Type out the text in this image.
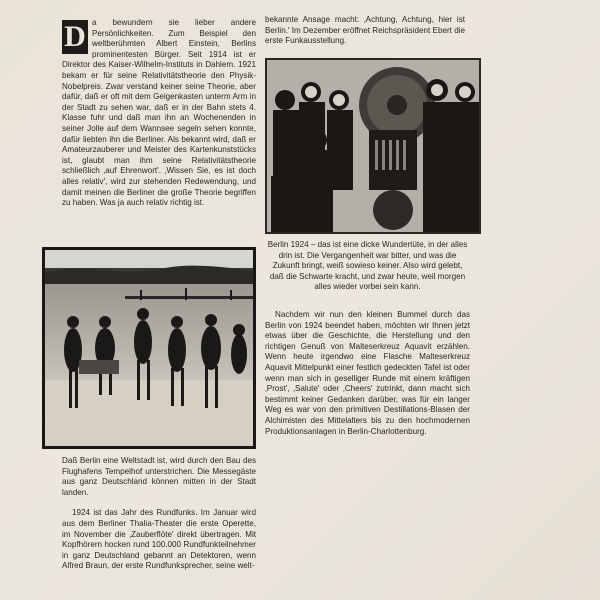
D a bewundern sie lieber andere Persönlichkeiten. Zum Beispiel den weltberühmten Albert Einstein, Berlins prominentesten Bürger. Seit 1914 ist er Direktor des Kaiser-Wilhelm-Instituts in Dahlem. 1921 bekam er für seine Relativitätstheorie den Physik-Nobelpreis. Zwar verstand keiner seine Theorie, aber dafür, daß er oft mit dem Geigenkasten unterm Arm in der Stadt zu sehen war, daß er in der Bahn stets 4. Klasse fuhr und daß man ihn an Wochenenden in seiner Jolle auf dem Wannsee segeln sehen konnte, dafür liebten ihn die Berliner. Als bekannt wird, daß er Amateurzauberer und Meister des Kartenkunststücks ist, glaubt man ihm seine Relativitätstheorie schließlich ‚auf Ehrenwort'. ‚Wissen Sie, es ist doch alles relativ', wird zur stehenden Redewendung, und damit meinen die Berliner die große Theorie begriffen zu haben. Was ja auch relativ richtig ist.

Daß Berlin eine Weltstadt ist, wird durch den Bau des Flughafens Tempelhof unterstrichen. Die Messegäste aus ganz Deutschland können mitten in der Stadt landen.

1924 ist das Jahr des Rundfunks. Im Januar wird aus dem Berliner Thalia-Theater die erste Operette, im November die ‚Zauberflöte' direkt übertragen. Mit Kopfhörern hocken rund 100.000 Rundfunkteilnehmer in ganz Deutschland gebannt an Detektoren, wenn Alfred Braun, der erste Rundfunksprecher, seine welt-

bekannte Ansage macht: ‚Achtung, Achtung, hier ist Berlin.' Im Dezember eröffnet Reichspräsident Ebert die erste Funkausstellung.

Berlin 1924 – das ist eine dicke Wundertüte, in der alles drin ist. Die Vergangenheit war bitter, und was die Zukunft bringt, weiß sowieso keiner. Also wird gelebt, daß die Schwarte kracht, und zwar heute, weil morgen alles wieder vorbei sein kann.

Nachdem wir nun den kleinen Bummel durch das Berlin von 1924 beendet haben, möchten wir Ihnen jetzt etwas über die Geschichte, die Herstellung und den richtigen Genuß von Malteserkreuz Aquavit erzählen. Wenn heute irgendwo eine Flasche Malteserkreuz Aquavit Mittelpunkt einer festlich gedeckten Tafel ist oder wenn man sich in geselliger Runde mit einem kräftigen ‚Prost', ‚Salute' oder ‚Cheers' zutrinkt, dann macht sich bestimmt keiner Gedanken darüber, was für ein langer Weg es war von den primitiven Destillations-Blasen der Alchimisten des Mittelalters bis zu den hochmodernen Produktionsanlagen in Berlin-Charlottenburg.
